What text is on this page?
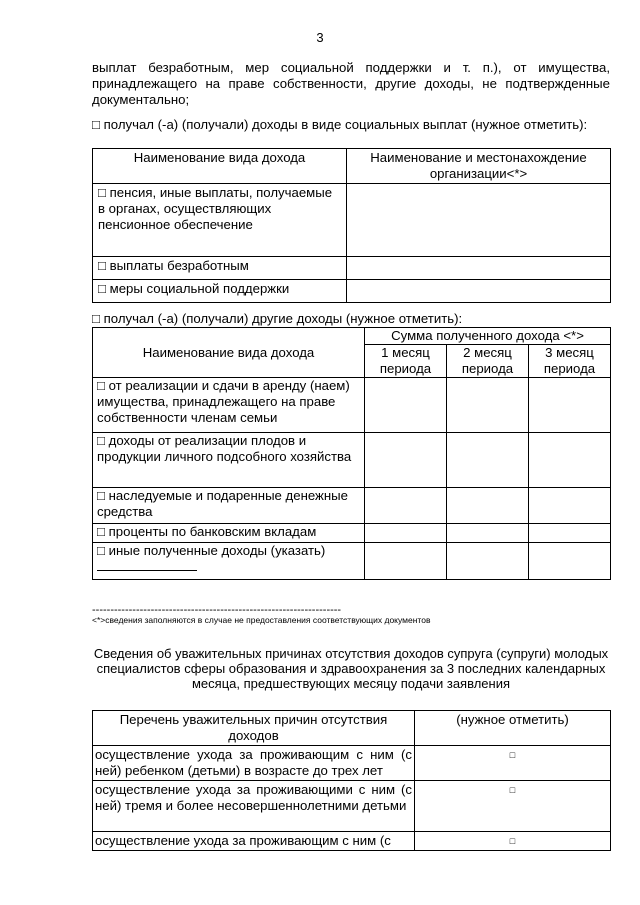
3

выплат безработным, мер социальной поддержки и т. п.), от имущества, принадлежащего на праве собственности, другие доходы, не подтвержденные документально;

□ получал (-а) (получали) доходы в виде социальных выплат (нужное отметить):

Наименование вида дохода	Наименование и местонахождение организации<*>
□ пенсия, иные выплаты, получаемые в органах, осуществляющих пенсионное обеспечение	
□ выплаты безработным	
□ меры социальной поддержки	

□ получал (-а) (получали) другие доходы (нужное отметить):

Наименование вида дохода	Сумма полученного дохода <*>		
	1 месяц периода	2 месяц периода	3 месяц периода
□ от реализации и сдачи в аренду (наем) имущества, принадлежащего на праве собственности членам семьи			
□ доходы от реализации плодов и продукции личного подсобного хозяйства			
□ наследуемые и подаренные денежные средства			
□ проценты по банковским вкладам			
□ иные полученные доходы (указать)

--------------------------------------------------------------------
<*>сведения заполняются в случае не предоставления соответствующих документов

Сведения об уважительных причинах отсутствия доходов супруга (супруги) молодых специалистов сферы образования и здравоохранения за 3 последних календарных месяца, предшествующих месяцу подачи заявления

Перечень уважительных причин отсутствия доходов	(нужное отметить)
осуществление ухода за проживающим с ним (с ней) ребенком (детьми) в возрасте до трех лет	□
осуществление ухода за проживающими с ним (с ней) тремя и более несовершеннолетними детьми	□
осуществление ухода за проживающим с ним (с	□
